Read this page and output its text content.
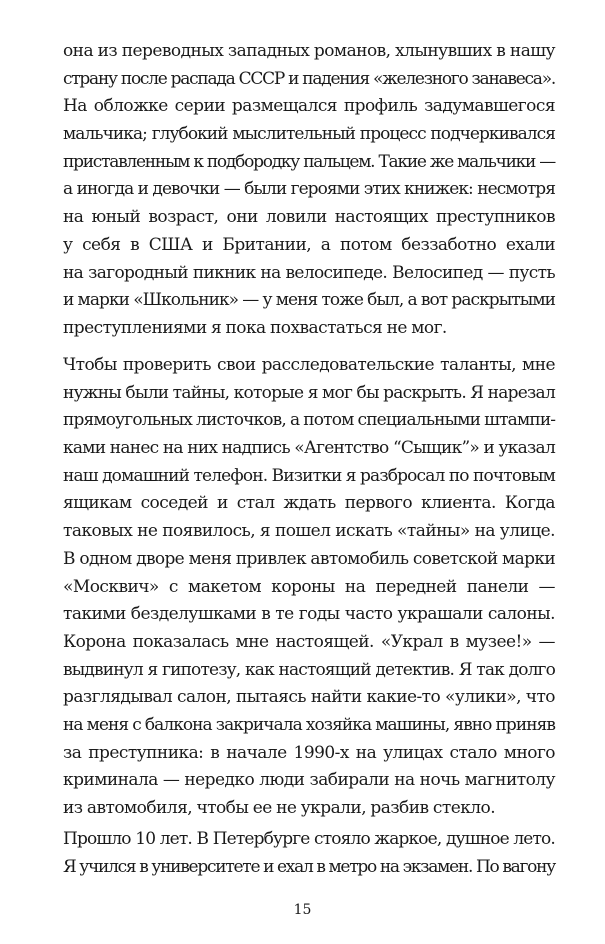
она из переводных западных романов, хлынувших в нашу
страну после распада СССР и падения «железного занавеса».
На обложке серии размещался профиль задумавшегося
мальчика; глубокий мыслительный процесс подчеркивался
приставленным к подбородку пальцем. Такие же мальчики —
а иногда и девочки — были героями этих книжек: несмотря
на юный возраст, они ловили настоящих преступников
у себя в США и Британии, а потом беззаботно ехали
на загородный пикник на велосипеде. Велосипед — пусть
и марки «Школьник» — у меня тоже был, а вот раскрытыми
преступлениями я пока похвастаться не мог.
Чтобы проверить свои расследовательские таланты, мне
нужны были тайны, которые я мог бы раскрыть. Я нарезал
прямоугольных листочков, а потом специальными штампи-
ками нанес на них надпись «Агентство “Сыщик”» и указал
наш домашний телефон. Визитки я разбросал по почтовым
ящикам соседей и стал ждать первого клиента. Когда
таковых не появилось, я пошел искать «тайны» на улице.
В одном дворе меня привлек автомобиль советской марки
«Москвич» с макетом короны на передней панели —
такими безделушками в те годы часто украшали салоны.
Корона показалась мне настоящей. «Украл в музее!» —
выдвинул я гипотезу, как настоящий детектив. Я так долго
разглядывал салон, пытаясь найти какие-то «улики», что
на меня с балкона закричала хозяйка машины, явно приняв
за преступника: в начале 1990-х на улицах стало много
криминала — нередко люди забирали на ночь магнитолу
из автомобиля, чтобы ее не украли, разбив стекло.
Прошло 10 лет. В Петербурге стояло жаркое, душное лето.
Я учился в университете и ехал в метро на экзамен. По вагону
15
